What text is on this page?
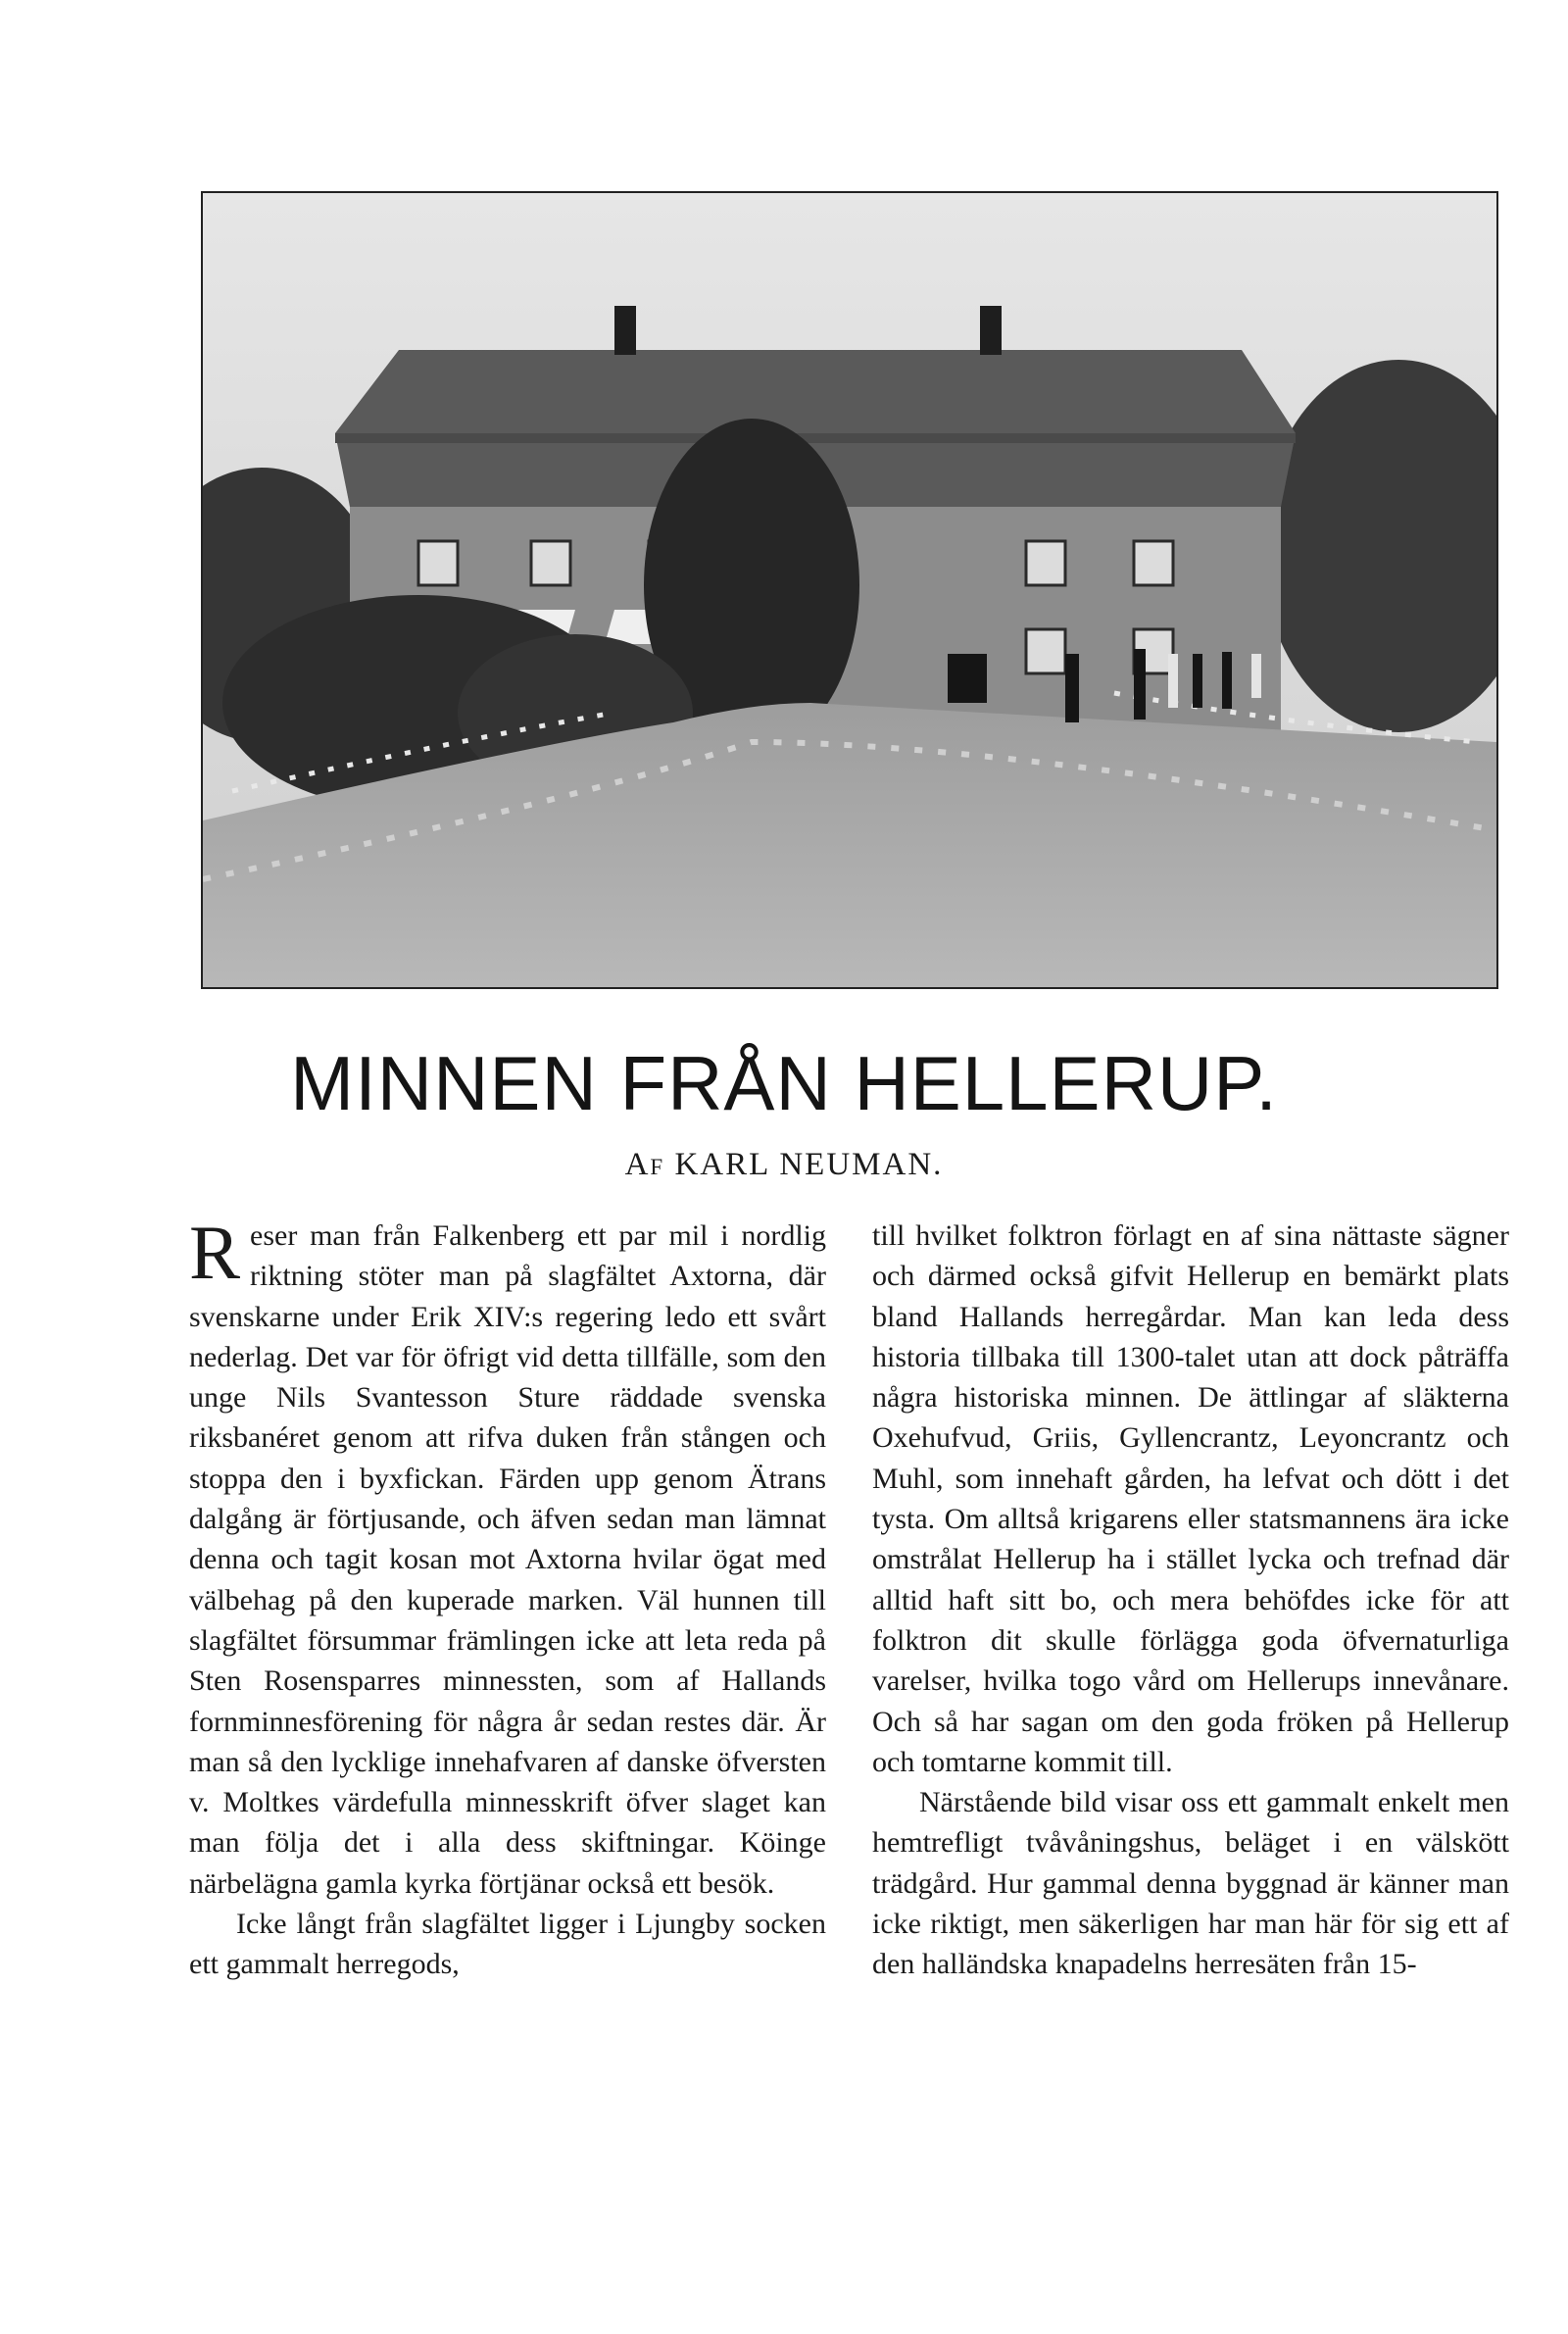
MINNEN FRÅN HELLERUP.
Af KARL NEUMAN.

Reser man från Falkenberg ett par mil i nordlig riktning stöter man på slagfältet Axtorna, där svenskarne under Erik XIV:s regering ledo ett svårt nederlag. Det var för öfrigt vid detta tillfälle, som den unge Nils Svantesson Sture räddade svenska riksbanéret genom att rifva duken från stången och stoppa den i byxfickan. Färden upp genom Ätrans dalgång är förtjusande, och äfven sedan man lämnat denna och tagit kosan mot Axtorna hvilar ögat med välbehag på den kuperade marken. Väl hunnen till slagfältet försummar främlingen icke att leta reda på Sten Rosensparres minnessten, som af Hallands fornminnesförening för några år sedan restes där. Är man så den lycklige innehafvaren af danske öfversten v. Moltkes värdefulla minnesskrift öfver slaget kan man följa det i alla dess skiftningar. Köinge närbelägna gamla kyrka förtjänar också ett besök.

Icke långt från slagfältet ligger i Ljungby socken ett gammalt herregods,

till hvilket folktron förlagt en af sina nättaste sägner och därmed också gifvit Hellerup en bemärkt plats bland Hallands herregårdar. Man kan leda dess historia tillbaka till 1300-talet utan att dock påträffa några historiska minnen. De ättlingar af släkterna Oxehufvud, Griis, Gyllencrantz, Leyoncrantz och Muhl, som innehaft gården, ha lefvat och dött i det tysta. Om alltså krigarens eller statsmannens ära icke omstrålat Hellerup ha i stället lycka och trefnad där alltid haft sitt bo, och mera behöfdes icke för att folktron dit skulle förlägga goda öfvernaturliga varelser, hvilka togo vård om Hellerups innevånare. Och så har sagan om den goda fröken på Hellerup och tomtarne kommit till.

Närstående bild visar oss ett gammalt enkelt men hemtrefligt tvåvåningshus, beläget i en välskött trädgård. Hur gammal denna byggnad är känner man icke riktigt, men säkerligen har man här för sig ett af den halländska knapadelns herresäten från 15-
